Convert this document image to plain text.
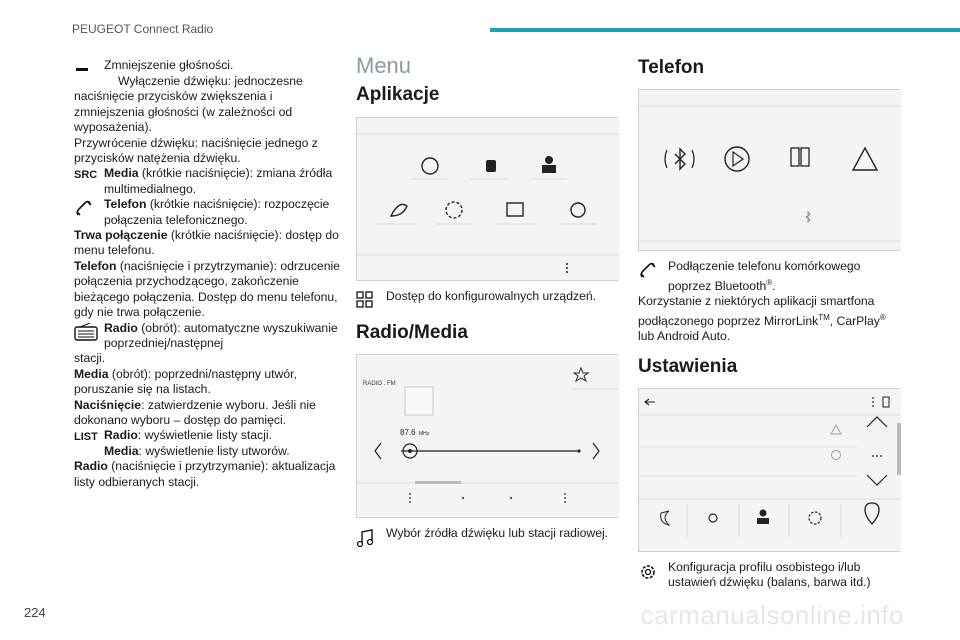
PEUGEOT Connect Radio
Zmniejszenie głośności.
Wyłączenie dźwięku: jednoczesne naciśnięcie przycisków zwiększenia i zmniejszenia głośności (w zależności od wyposażenia).
Przywrócenie dźwięku: naciśnięcie jednego z przycisków natężenia dźwięku.
SRC Media (krótkie naciśnięcie): zmiana źródła multimedialnego.
Telefon (krótkie naciśnięcie): rozpoczęcie połączenia telefonicznego.
Trwa połączenie (krótkie naciśnięcie): dostęp do menu telefonu.
Telefon (naciśnięcie i przytrzymanie): odrzucenie połączenia przychodzącego, zakończenie bieżącego połączenia. Dostęp do menu telefonu, gdy nie trwa połączenie.
Radio (obrót): automatyczne wyszukiwanie poprzedniej/następnej
stacji.
Media (obrót): poprzedni/następny utwór, poruszanie się na listach.
Naciśnięcie: zatwierdzenie wyboru. Jeśli nie dokonano wyboru – dostęp do pamięci.
LIST Radio: wyświetlenie listy stacji.
Media: wyświetlenie listy utworów.
Radio (naciśnięcie i przytrzymanie): aktualizacja listy odbieranych stacji.
Menu
Aplikacje
Dostęp do konfigurowalnych urządzeń.
Radio/Media
RADIO . FM
87.6 MHz
Wybór źródła dźwięku lub stacji radiowej.
Telefon
Podłączenie telefonu komórkowego poprzez Bluetooth®.
Korzystanie z niektórych aplikacji smartfona podłączonego poprzez MirrorLink™, CarPlay® lub Android Auto.
Ustawienia
Konfiguracja profilu osobistego i/lub ustawień dźwięku (balans, barwa itd.)
224	carmanualsonline.info
